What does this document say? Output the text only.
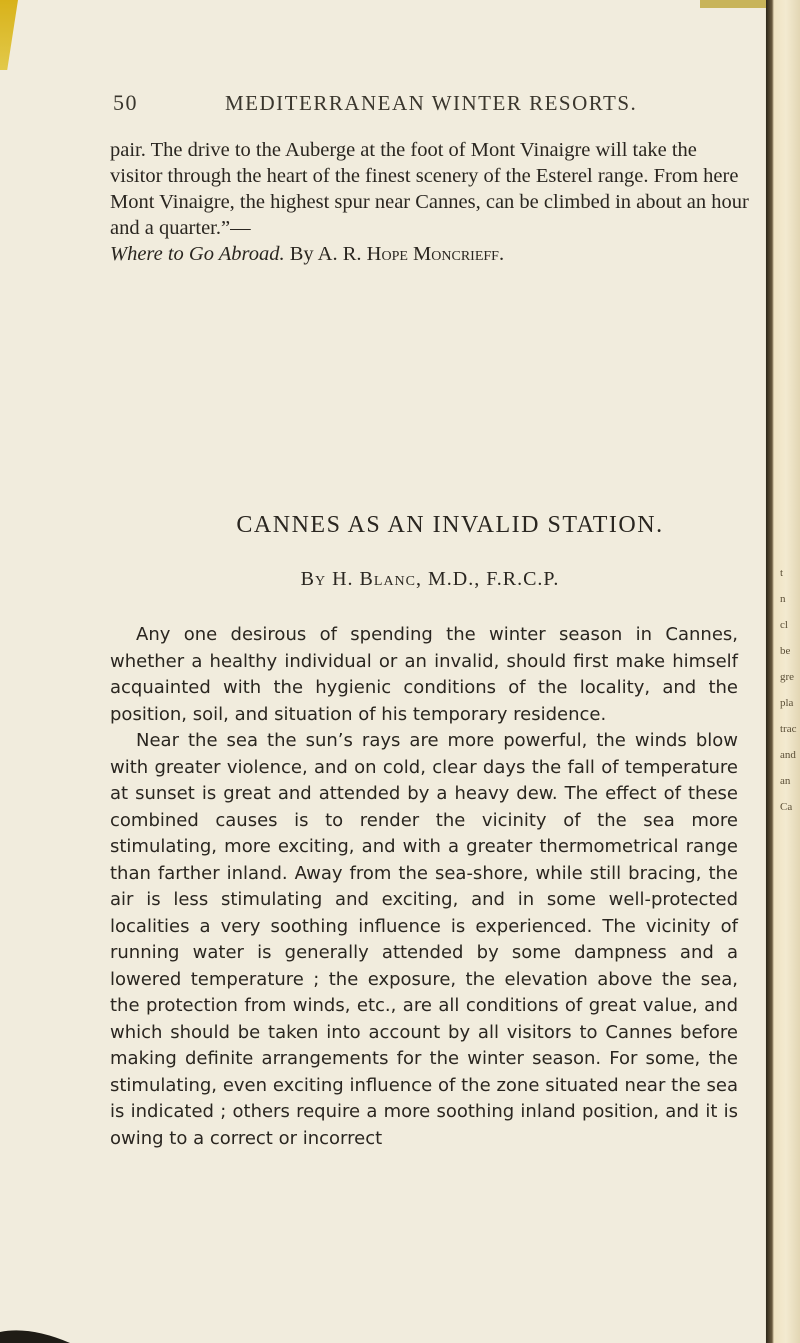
t
n
cl
be
gre
pla
trac
and
an
Ca
50	MEDITERRANEAN WINTER RESORTS.
pair. The drive to the Auberge at the foot of Mont Vinaigre will take the visitor through the heart of the finest scenery of the Esterel range. From here Mont Vinaigre, the highest spur near Cannes, can be climbed in about an hour and a quarter.”—
Where to Go Abroad. By A. R. Hope Moncrieff.
CANNES AS AN INVALID STATION.
By H. Blanc, M.D., F.R.C.P.

Any one desirous of spending the winter season in Cannes, whether a healthy individual or an invalid, should first make himself acquainted with the hygienic conditions of the locality, and the position, soil, and situation of his temporary residence.

Near the sea the sun’s rays are more powerful, the winds blow with greater violence, and on cold, clear days the fall of temperature at sunset is great and attended by a heavy dew. The effect of these combined causes is to render the vicinity of the sea more stimulating, more exciting, and with a greater thermometrical range than farther inland. Away from the sea-shore, while still bracing, the air is less stimulating and exciting, and in some well-protected localities a very soothing influence is experienced. The vicinity of running water is generally attended by some dampness and a lowered temperature ; the exposure, the elevation above the sea, the protection from winds, etc., are all conditions of great value, and which should be taken into account by all visitors to Cannes before making definite arrangements for the winter season. For some, the stimulating, even exciting influence of the zone situated near the sea is indicated ; others require a more soothing inland position, and it is owing to a correct or incorrect
